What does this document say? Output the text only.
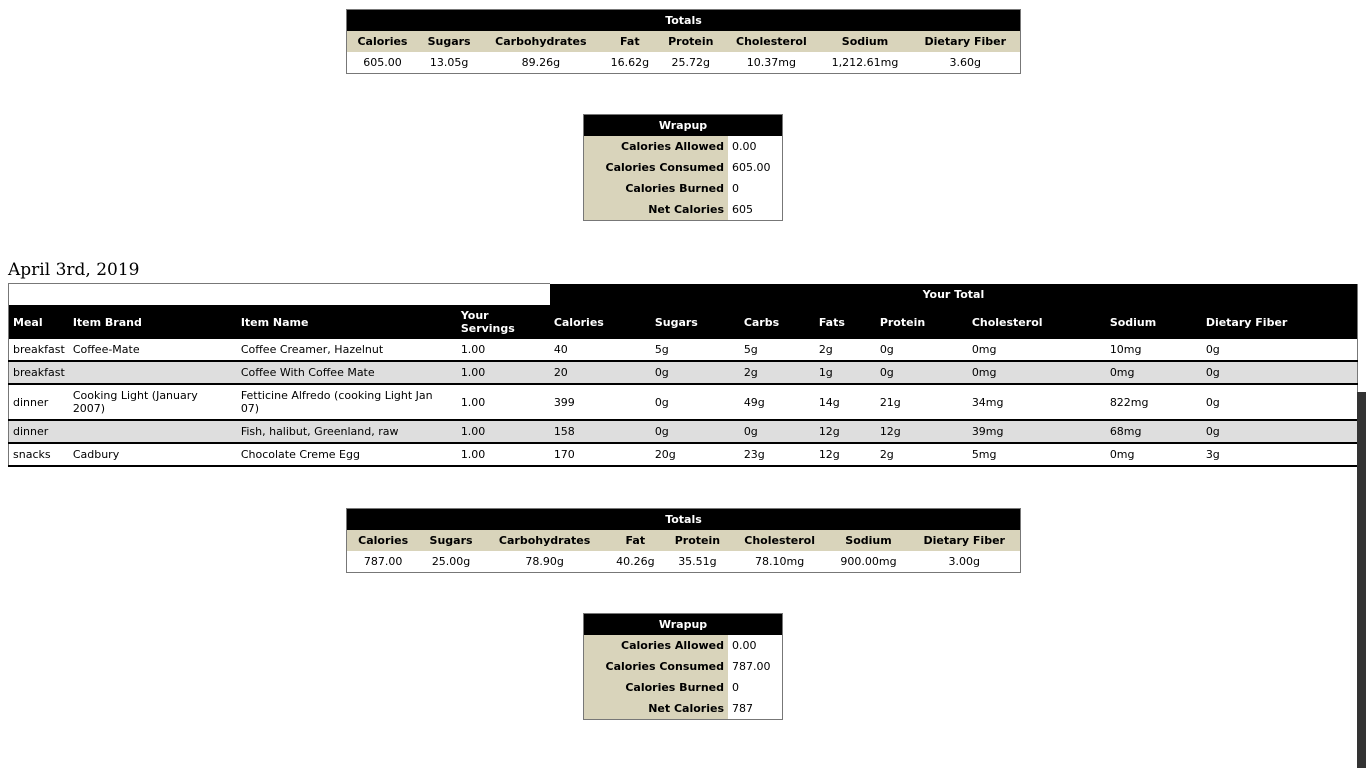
Totals							
Calories	Sugars	Carbohydrates	Fat	Protein	Cholesterol	Sodium	Dietary Fiber
605.00	13.05g	89.26g	16.62g	25.72g	10.37mg	1,212.61mg	3.60g
Wrapup	
Calories Allowed	0.00
Calories Consumed	605.00
Calories Burned	0
Net Calories	605
April 3rd, 2019
				Your Total							
Meal	Item Brand	Item Name	Your Servings	Calories	Sugars	Carbs	Fats	Protein	Cholesterol	Sodium	Dietary Fiber
breakfast	Coffee-Mate	Coffee Creamer, Hazelnut	1.00	40	5g	5g	2g	0g	0mg	10mg	0g
breakfast		Coffee With Coffee Mate	1.00	20	0g	2g	1g	0g	0mg	0mg	0g
dinner	Cooking Light (January 2007)	Fetticine Alfredo (cooking Light Jan 07)	1.00	399	0g	49g	14g	21g	34mg	822mg	0g
dinner		Fish, halibut, Greenland, raw	1.00	158	0g	0g	12g	12g	39mg	68mg	0g
snacks	Cadbury	Chocolate Creme Egg	1.00	170	20g	23g	12g	2g	5mg	0mg	3g
Totals							
Calories	Sugars	Carbohydrates	Fat	Protein	Cholesterol	Sodium	Dietary Fiber
787.00	25.00g	78.90g	40.26g	35.51g	78.10mg	900.00mg	3.00g
Wrapup	
Calories Allowed	0.00
Calories Consumed	787.00
Calories Burned	0
Net Calories	787
